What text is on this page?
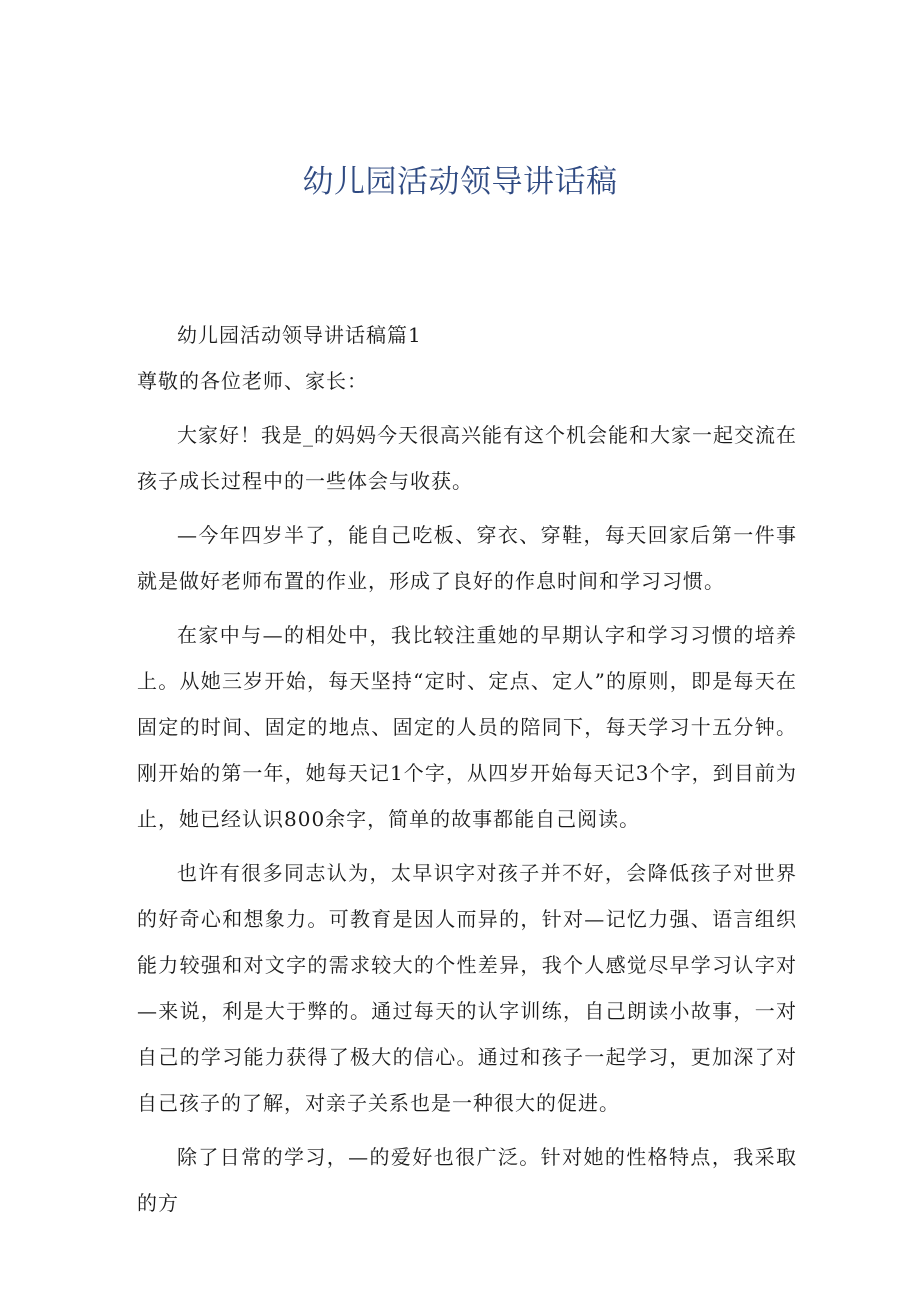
幼儿园活动领导讲话稿

幼儿园活动领导讲话稿篇1

尊敬的各位老师、家长：

大家好！我是_的妈妈今天很高兴能有这个机会能和大家一起交流在孩子成长过程中的一些体会与收获。

—今年四岁半了，能自己吃板、穿衣、穿鞋，每天回家后第一件事就是做好老师布置的作业，形成了良好的作息时间和学习习惯。

在家中与—的相处中，我比较注重她的早期认字和学习习惯的培养上。从她三岁开始，每天坚持“定时、定点、定人”的原则，即是每天在固定的时间、固定的地点、固定的人员的陪同下，每天学习十五分钟。刚开始的第一年，她每天记1个字，从四岁开始每天记3个字，到目前为止，她已经认识800余字，简单的故事都能自己阅读。

也许有很多同志认为，太早识字对孩子并不好，会降低孩子对世界的好奇心和想象力。可教育是因人而异的，针对—记忆力强、语言组织能力较强和对文字的需求较大的个性差异，我个人感觉尽早学习认字对—来说，利是大于弊的。通过每天的认字训练，自己朗读小故事，一对自己的学习能力获得了极大的信心。通过和孩子一起学习，更加深了对自己孩子的了解，对亲子关系也是一种很大的促进。

除了日常的学习，—的爱好也很广泛。针对她的性格特点，我采取的方
